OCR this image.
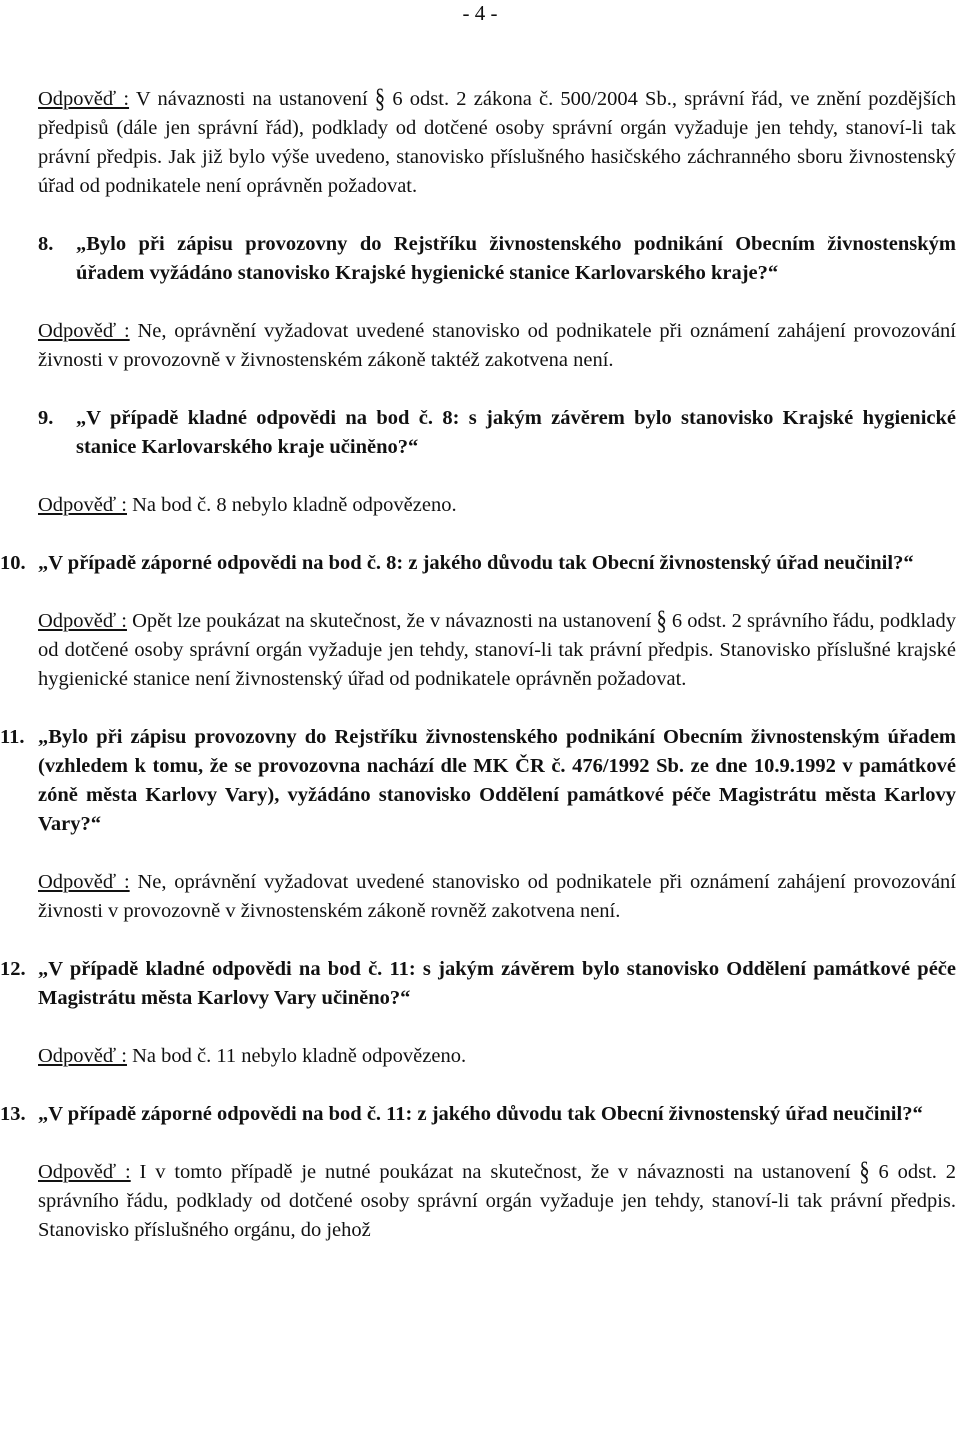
- 4 -

Odpověď : V návaznosti na ustanovení § 6 odst. 2 zákona č. 500/2004 Sb., správní řád, ve znění pozdějších předpisů (dále jen správní řád), podklady od dotčené osoby správní orgán vyžaduje jen tehdy, stanoví-li tak právní předpis. Jak již bylo výše uvedeno, stanovisko příslušného hasičského záchranného sboru živnostenský úřad od podnikatele není oprávněn požadovat.

8. „Bylo při zápisu provozovny do Rejstříku živnostenského podnikání Obecním živnostenským úřadem vyžádáno stanovisko Krajské hygienické stanice Karlovarského kraje?“

Odpověď : Ne, oprávnění vyžadovat uvedené stanovisko od podnikatele při oznámení zahájení provozování živnosti v provozovně v živnostenském zákoně taktéž zakotvena není.

9. „V případě kladné odpovědi na bod č. 8: s jakým závěrem bylo stanovisko Krajské hygienické stanice Karlovarského kraje učiněno?“

Odpověď : Na bod č. 8 nebylo kladně odpovězeno.

10. „V případě záporné odpovědi na bod č. 8: z jakého důvodu tak Obecní živnostenský úřad neučinil?“

Odpověď : Opět lze poukázat na skutečnost, že v návaznosti na ustanovení § 6 odst. 2 správního řádu, podklady od dotčené osoby správní orgán vyžaduje jen tehdy, stanoví-li tak právní předpis. Stanovisko příslušné krajské hygienické stanice není živnostenský úřad od podnikatele oprávněn požadovat.

11. „Bylo při zápisu provozovny do Rejstříku živnostenského podnikání Obecním živnostenským úřadem (vzhledem k tomu, že se provozovna nachází dle MK ČR č. 476/1992 Sb. ze dne 10.9.1992 v památkové zóně města Karlovy Vary), vyžádáno stanovisko Oddělení památkové péče Magistrátu města Karlovy Vary?“

Odpověď : Ne, oprávnění vyžadovat uvedené stanovisko od podnikatele při oznámení zahájení provozování živnosti v provozovně v živnostenském zákoně rovněž zakotvena není.

12. „V případě kladné odpovědi na bod č. 11: s jakým závěrem bylo stanovisko Oddělení památkové péče Magistrátu města Karlovy Vary učiněno?“

Odpověď : Na bod č. 11 nebylo kladně odpovězeno.

13. „V případě záporné odpovědi na bod č. 11: z jakého důvodu tak Obecní živnostenský úřad neučinil?“

Odpověď : I v tomto případě je nutné poukázat na skutečnost, že v návaznosti na ustanovení § 6 odst. 2 správního řádu, podklady od dotčené osoby správní orgán vyžaduje jen tehdy, stanoví-li tak právní předpis. Stanovisko příslušného orgánu, do jehož
